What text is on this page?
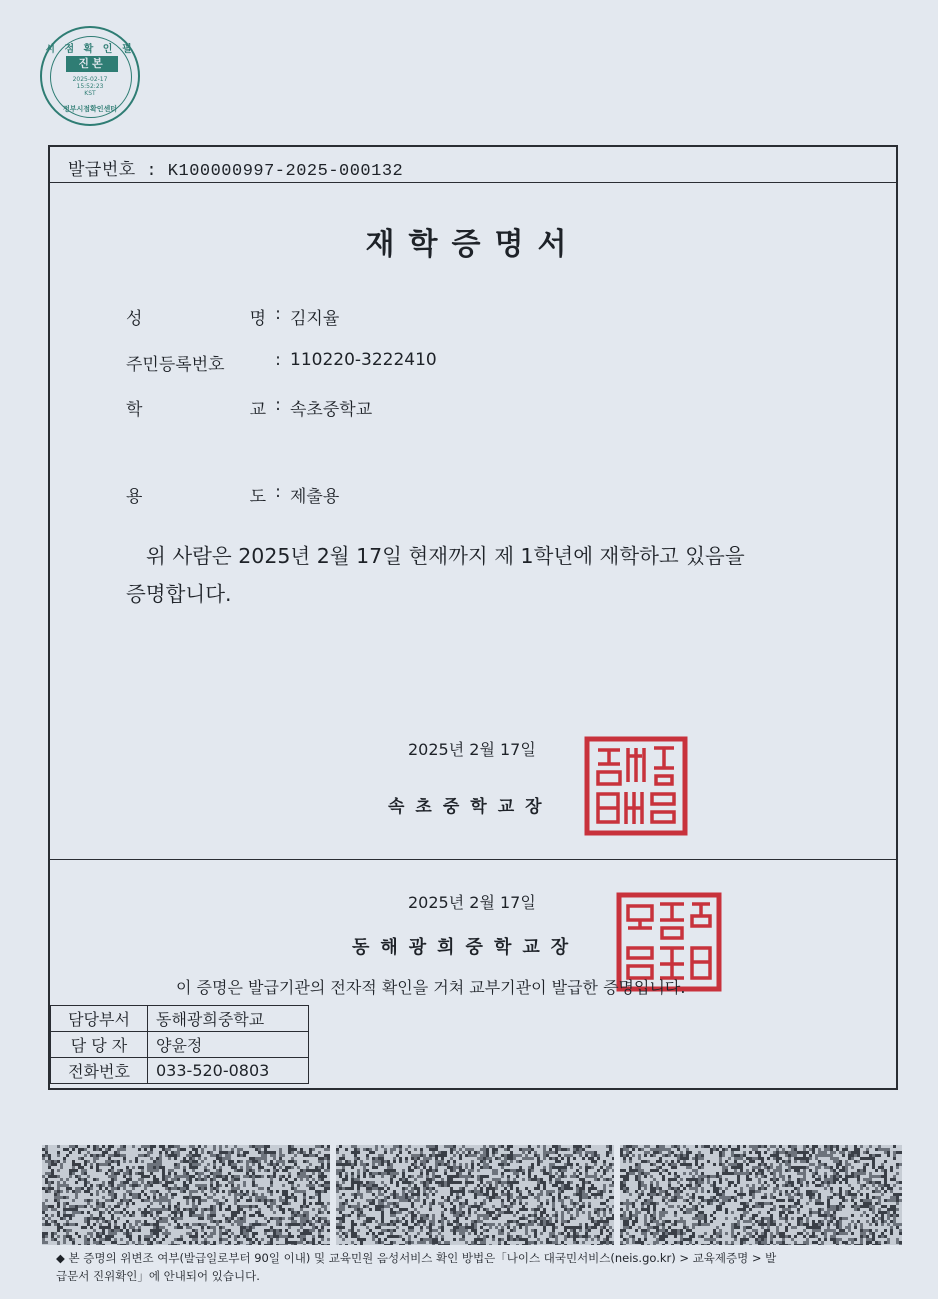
시 점 확 인 필
진본
2025-02-17
15:52:23
KST
정부시점확인센터
발급번호 : K100000997-2025-000132
재학증명서
성	명 : 김지율
주민등록번호	: 110220-3222410
학	교 : 속초중학교
용	도 : 제출용
위 사람은 2025년 2월 17일 현재까지 제 1학년에 재학하고 있음을
증명합니다.
2025년 2월 17일
속초중학교장
2025년 2월 17일
동해광희중학교장
이 증명은 발급기관의 전자적 확인을 거쳐 교부기관이 발급한 증명입니다.
담당부서	동해광희중학교
담 당 자	양윤정
전화번호	033-520-0803
◆ 본 증명의 위변조 여부(발급일로부터 90일 이내) 및 교육민원 음성서비스 확인 방법은「나이스 대국민서비스(neis.go.kr) > 교육제증명 > 발
급문서 진위확인」에 안내되어 있습니다.
